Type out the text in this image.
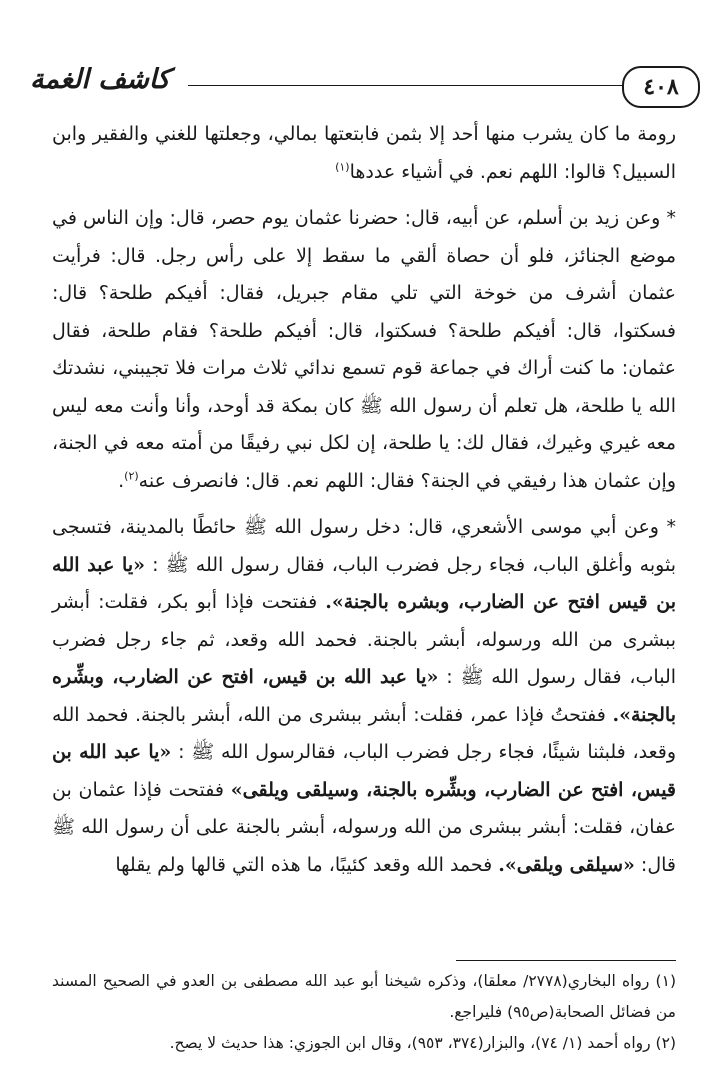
٤٠٨
كاشف الغمة

رومة ما كان يشرب منها أحد إلا بثمن فابتعتها بمالي، وجعلتها للغني والفقير وابن السبيل؟ قالوا: اللهم نعم. في أشياء عددها$^{(١)}$

* وعن زيد بن أسلم، عن أبيه، قال: حضرنا عثمان يوم حصر، قال: وإن الناس في موضع الجنائز، فلو أن حصاة ألقي ما سقط إلا على رأس رجل. قال: فرأيت عثمان أشرف من خوخة التي تلي مقام جبريل، فقال: أفيكم طلحة؟ قال: فسكتوا، قال: أفيكم طلحة؟ فسكتوا، قال: أفيكم طلحة؟ فقام طلحة، فقال عثمان: ما كنت أراك في جماعة قوم تسمع ندائي ثلاث مرات فلا تجيبني، نشدتك الله يا طلحة، هل تعلم أن رسول الله ﷺ كان بمكة قد أوحد، وأنا وأنت معه ليس معه غيري وغيرك، فقال لك: يا طلحة، إن لكل نبي رفيقًا من أمته معه في الجنة، وإن عثمان هذا رفيقي في الجنة؟ فقال: اللهم نعم. قال: فانصرف عنه$^{(٢)}$.

* وعن أبي موسى الأشعري، قال: دخل رسول الله ﷺ حائطًا بالمدينة، فتسجى بثوبه وأغلق الباب، فجاء رجل فضرب الباب، فقال رسول الله ﷺ : «يا عبد الله بن قيس افتح عن الضارب، وبشره بالجنة». ففتحت فإذا أبو بكر، فقلت: أبشر ببشرى من الله ورسوله، أبشر بالجنة. فحمد الله وقعد، ثم جاء رجل فضرب الباب، فقال رسول الله ﷺ : «يا عبد الله بن قيس، افتح عن الضارب، وبشِّره بالجنة». ففتحتُ فإذا عمر، فقلت: أبشر ببشرى من الله، أبشر بالجنة. فحمد الله وقعد، فلبثنا شيئًا، فجاء رجل فضرب الباب، فقالرسول الله ﷺ : «يا عبد الله بن قيس، افتح عن الضارب، وبشِّره بالجنة، وسيلقى ويلقى» ففتحت فإذا عثمان بن عفان، فقلت: أبشر ببشرى من الله ورسوله، أبشر بالجنة على أن رسول الله ﷺ قال: «سيلقى ويلقى». فحمد الله وقعد كئيبًا، ما هذه التي قالها ولم يقلها

(١) رواه البخاري(٢٧٧٨/ معلقا)، وذكره شيخنا أبو عبد الله مصطفى بن العدو في الصحيح المسند من فضائل الصحابة(ص٩٥) فليراجع.

(٢) رواه أحمد (١/ ٧٤)، والبزار(٣٧٤، ٩٥٣)، وقال ابن الجوزي: هذا حديث لا يصح.
